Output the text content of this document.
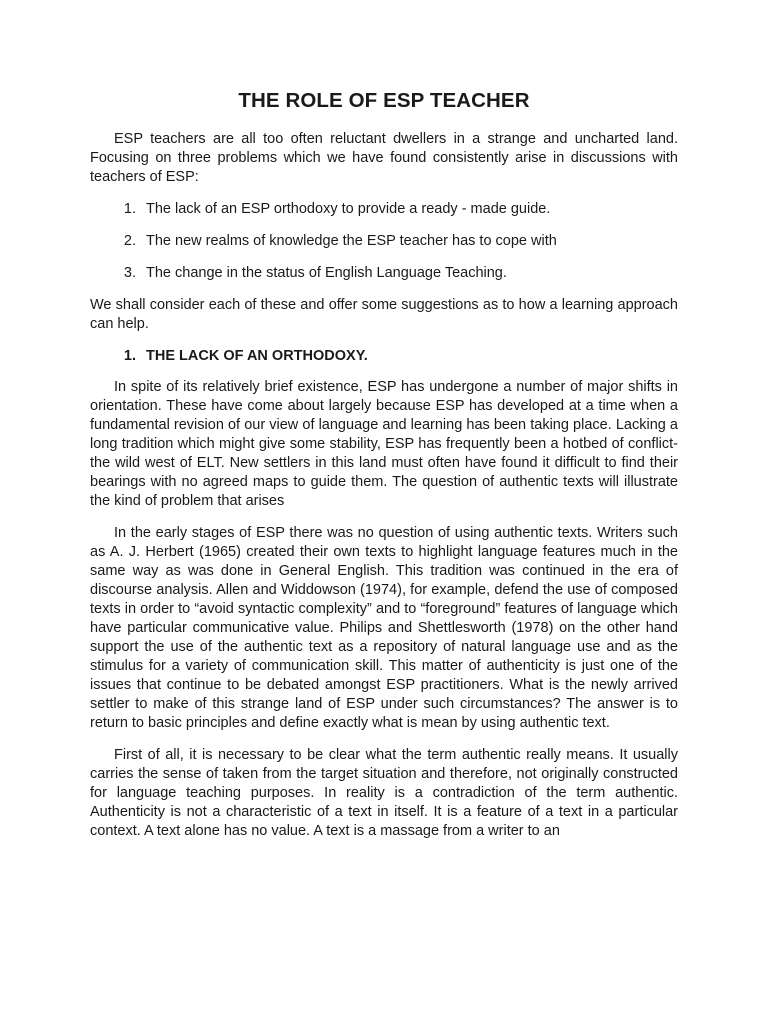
THE ROLE OF ESP TEACHER

ESP teachers are all too often reluctant dwellers in a strange and uncharted land. Focusing on three problems which we have found consistently arise in discussions with teachers of ESP:

1. The lack of an ESP orthodoxy to provide a ready - made guide.
2. The new realms of knowledge the ESP teacher has to cope with
3. The change in the status of English Language Teaching.

We shall consider each of these and offer some suggestions as to how a learning approach can help.

1. THE LACK OF AN ORTHODOXY.

In spite of its relatively brief existence, ESP has undergone a number of major shifts in orientation. These have come about largely because ESP has developed at a time when a fundamental revision of our view of language and learning has been taking place. Lacking a long tradition which might give some stability, ESP has frequently been a hotbed of conflict-the wild west of ELT. New settlers in this land must often have found it difficult to find their bearings with no agreed maps to guide them. The question of authentic texts will illustrate the kind of problem that arises

In the early stages of ESP there was no question of using authentic texts. Writers such as A. J. Herbert (1965) created their own texts to highlight language features much in the same way as was done in General English. This tradition was continued in the era of discourse analysis. Allen and Widdowson (1974), for example, defend the use of composed texts in order to “avoid syntactic complexity” and to “foreground” features of language which have particular communicative value. Philips and Shettlesworth (1978) on the other hand support the use of the authentic text as a repository of natural language use and as the stimulus for a variety of communication skill. This matter of authenticity is just one of the issues that continue to be debated amongst ESP practitioners. What is the newly arrived settler to make of this strange land of ESP under such circumstances? The answer is to return to basic principles and define exactly what is mean by using authentic text.

First of all, it is necessary to be clear what the term authentic really means. It usually carries the sense of taken from the target situation and therefore, not originally constructed for language teaching purposes. In reality is a contradiction of the term authentic. Authenticity is not a characteristic of a text in itself. It is a feature of a text in a particular context. A text alone has no value. A text is a massage from a writer to an
